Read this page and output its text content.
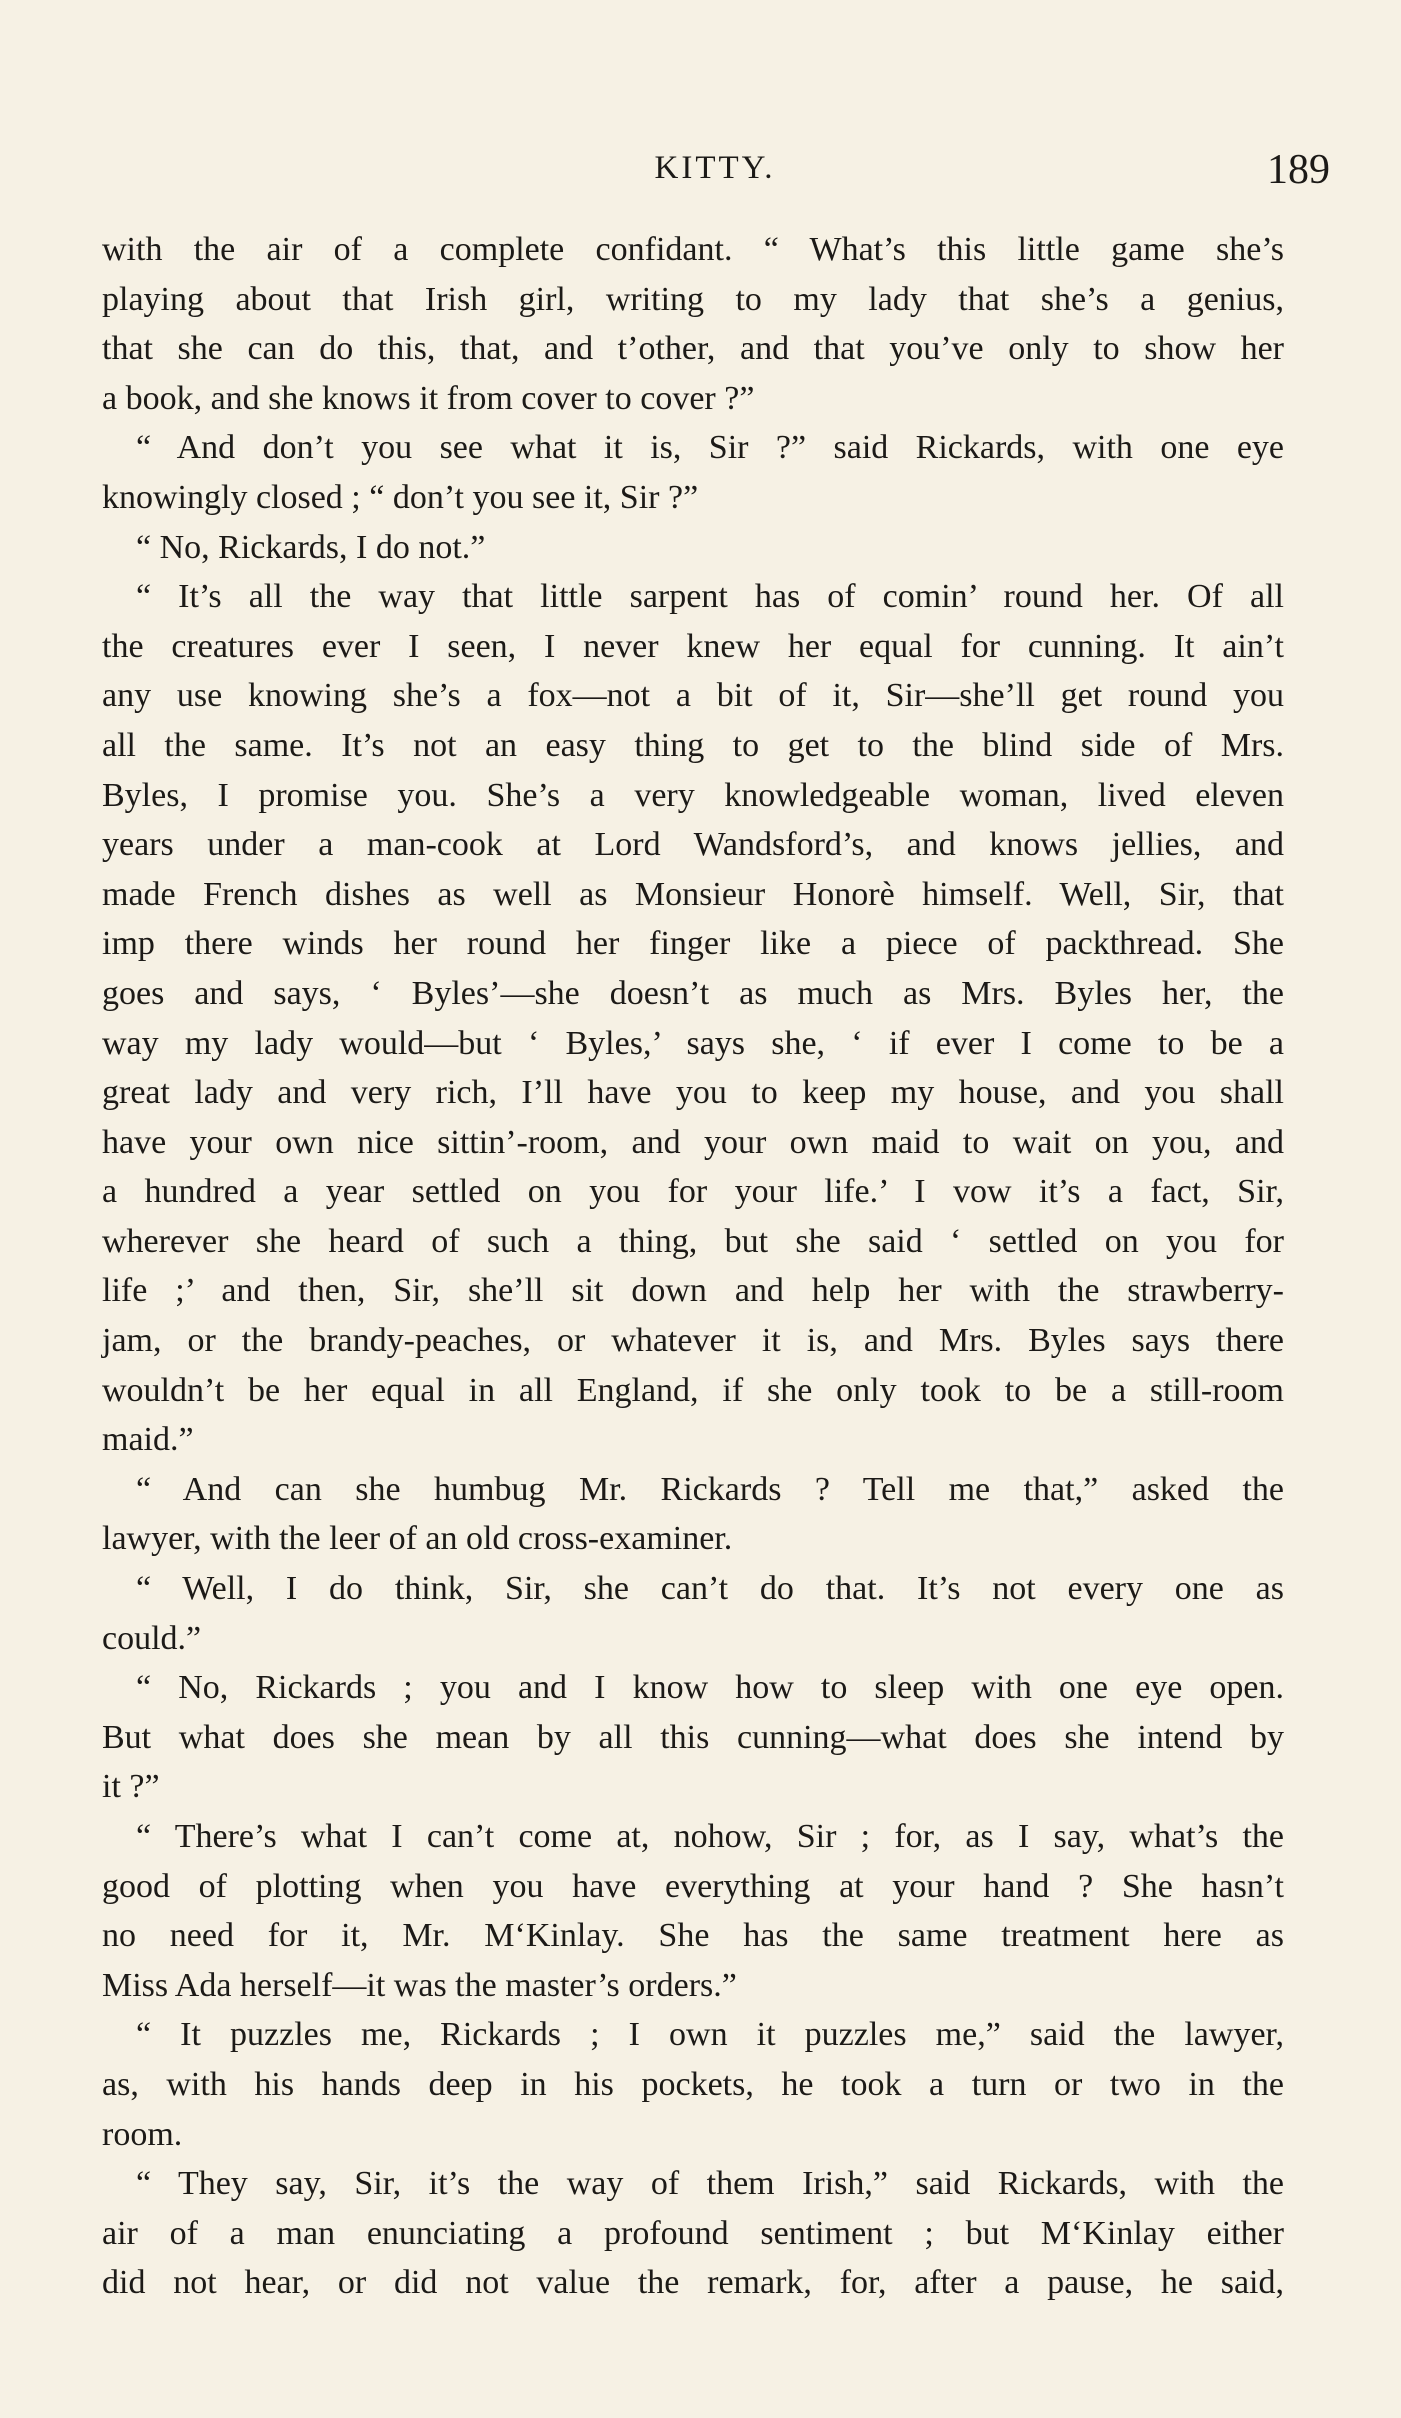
KITTY.	189
with the air of a complete confidant. “ What’s this little game she’s
playing about that Irish girl, writing to my lady that she’s a genius,
that she can do this, that, and t’other, and that you’ve only to show her
a book, and she knows it from cover to cover ?”
“ And don’t you see what it is, Sir ?” said Rickards, with one eye
knowingly closed ; “ don’t you see it, Sir ?”
“ No, Rickards, I do not.”
“ It’s all the way that little sarpent has of comin’ round her. Of all
the creatures ever I seen, I never knew her equal for cunning. It ain’t
any use knowing she’s a fox—not a bit of it, Sir—she’ll get round you
all the same. It’s not an easy thing to get to the blind side of Mrs.
Byles, I promise you. She’s a very knowledgeable woman, lived eleven
years under a man-cook at Lord Wandsford’s, and knows jellies, and
made French dishes as well as Monsieur Honorè himself. Well, Sir, that
imp there winds her round her finger like a piece of packthread. She
goes and says, ‘ Byles’—she doesn’t as much as Mrs. Byles her, the
way my lady would—but ‘ Byles,’ says she, ‘ if ever I come to be a
great lady and very rich, I’ll have you to keep my house, and you shall
have your own nice sittin’-room, and your own maid to wait on you, and
a hundred a year settled on you for your life.’ I vow it’s a fact, Sir,
wherever she heard of such a thing, but she said ‘ settled on you for
life ;’ and then, Sir, she’ll sit down and help her with the strawberry-
jam, or the brandy-peaches, or whatever it is, and Mrs. Byles says there
wouldn’t be her equal in all England, if she only took to be a still-room
maid.”
“ And can she humbug Mr. Rickards ? Tell me that,” asked the
lawyer, with the leer of an old cross-examiner.
“ Well, I do think, Sir, she can’t do that. It’s not every one as
could.”
“ No, Rickards ; you and I know how to sleep with one eye open.
But what does she mean by all this cunning—what does she intend by
it ?”
“ There’s what I can’t come at, nohow, Sir ; for, as I say, what’s the
good of plotting when you have everything at your hand ? She hasn’t
no need for it, Mr. M‘Kinlay. She has the same treatment here as
Miss Ada herself—it was the master’s orders.”
“ It puzzles me, Rickards ; I own it puzzles me,” said the lawyer,
as, with his hands deep in his pockets, he took a turn or two in the
room.
“ They say, Sir, it’s the way of them Irish,” said Rickards, with the
air of a man enunciating a profound sentiment ; but M‘Kinlay either
did not hear, or did not value the remark, for, after a pause, he said,
